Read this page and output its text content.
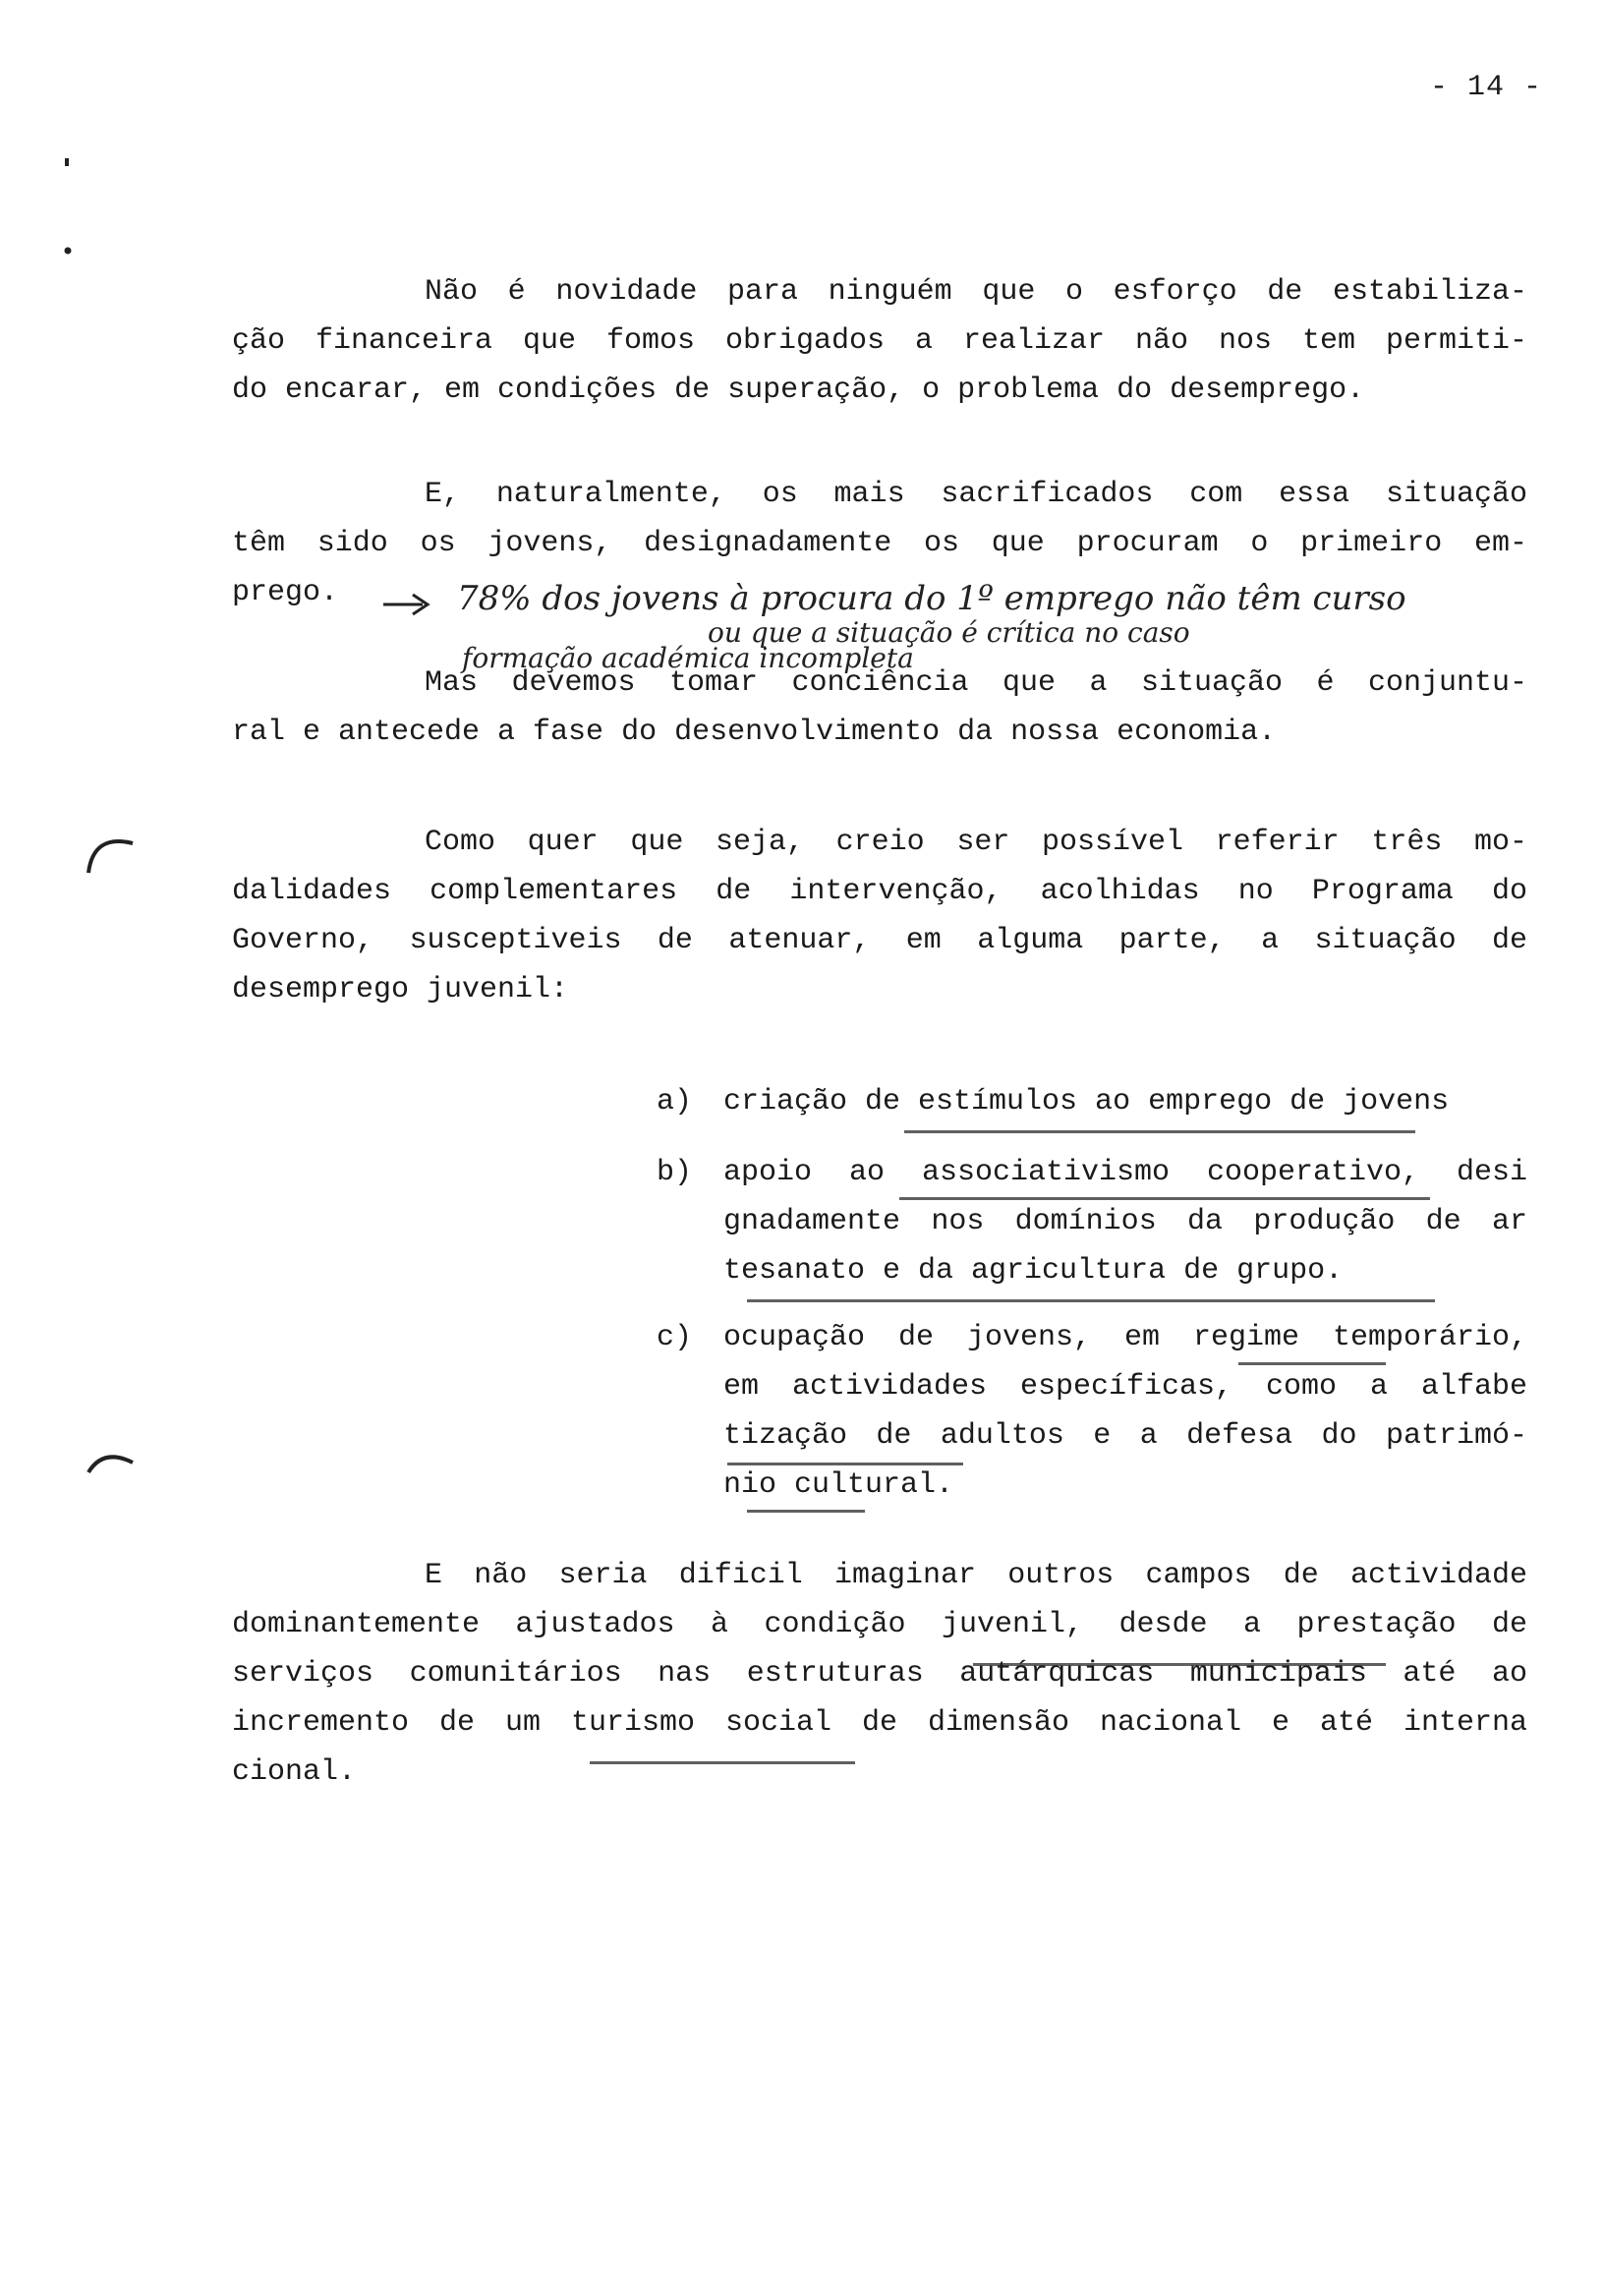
- 14 -
Não é novidade para ninguém que o esforço de estabiliza-
ção financeira que fomos obrigados a realizar não nos tem permiti-
do encarar, em condições de superação, o problema do desemprego.
E, naturalmente, os mais sacrificados com essa situação
têm sido os jovens, designadamente os que procuram o primeiro em-
prego.	78% dos jovens à procura do 1º emprego não têm curso
ou que a situação é crítica no caso
formação académica incompleta
Mas devemos tomar conciência que a situação é conjuntu-
ral e antecede a fase do desenvolvimento da nossa economia.
Como quer que seja, creio ser possível referir três mo-
dalidades complementares de intervenção, acolhidas no Programa do
Governo, susceptiveis de atenuar, em alguma parte, a situação de
desemprego juvenil:
a) criação de estímulos ao emprego de jovens
b) apoio ao associativismo cooperativo, desi
gnadamente nos domínios da produção de ar
tesanato e da agricultura de grupo.
c) ocupação de jovens, em regime temporário,
em actividades específicas, como a alfabe
tização de adultos e a defesa do patrimó-
nio cultural.
E não seria dificil imaginar outros campos de actividade
dominantemente ajustados à condição juvenil, desde a prestação de
serviços comunitários nas estruturas autárquicas municipais até ao
incremento de um turismo social de dimensão nacional e até interna
cional.
